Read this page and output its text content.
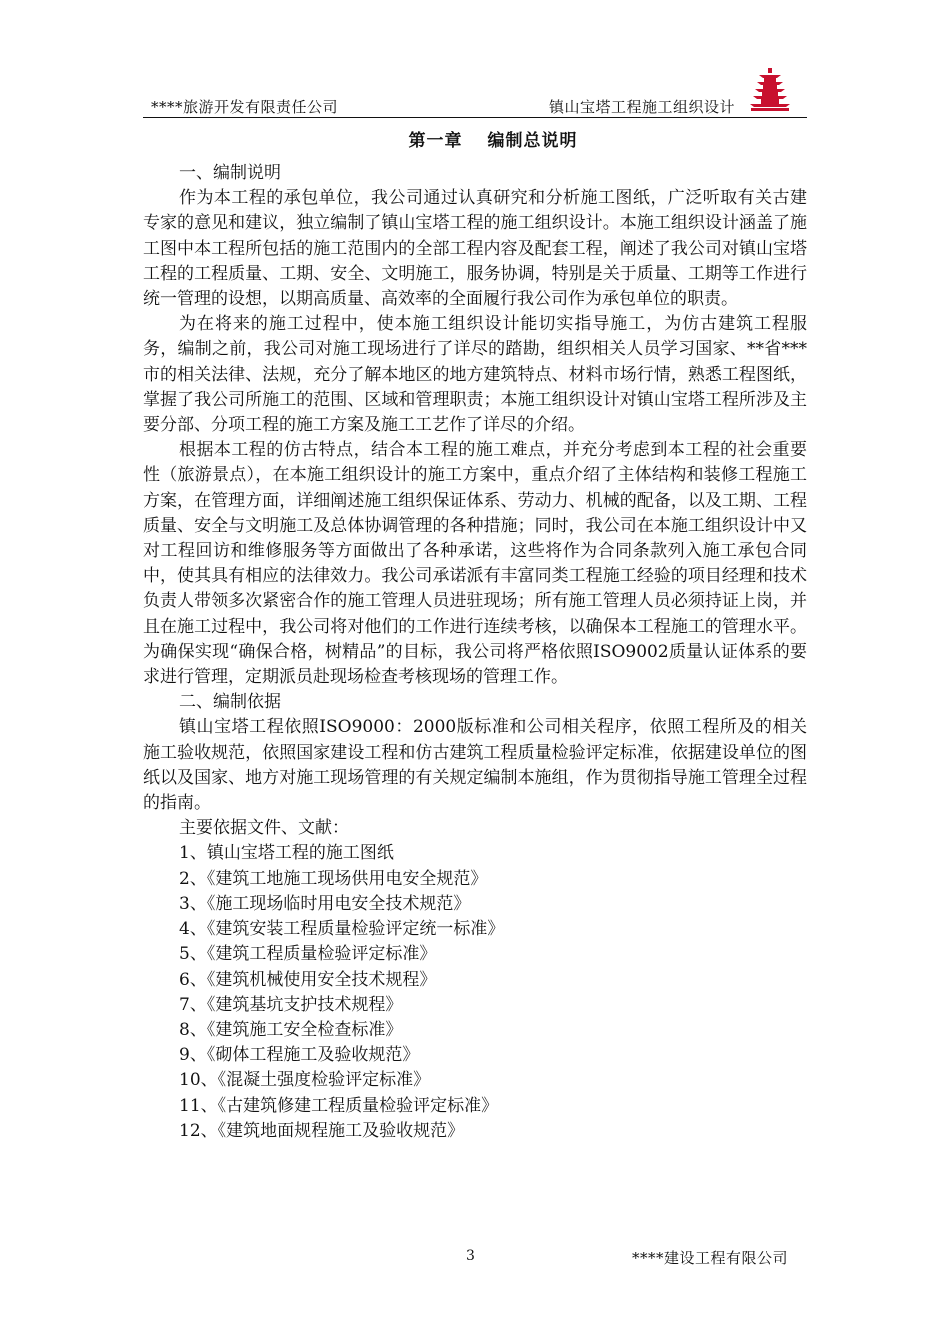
****旅游开发有限责任公司	镇山宝塔工程施工组织设计
第一章 编制总说明

一、编制说明

作为本工程的承包单位，我公司通过认真研究和分析施工图纸，广泛听取有关古建专家的意见和建议，独立编制了镇山宝塔工程的施工组织设计。本施工组织设计涵盖了施工图中本工程所包括的施工范围内的全部工程内容及配套工程，阐述了我公司对镇山宝塔工程的工程质量、工期、安全、文明施工，服务协调，特别是关于质量、工期等工作进行统一管理的设想，以期高质量、高效率的全面履行我公司作为承包单位的职责。

为在将来的施工过程中，使本施工组织设计能切实指导施工，为仿古建筑工程服务，编制之前，我公司对施工现场进行了详尽的踏勘，组织相关人员学习国家、**省***市的相关法律、法规，充分了解本地区的地方建筑特点、材料市场行情，熟悉工程图纸，掌握了我公司所施工的范围、区域和管理职责；本施工组织设计对镇山宝塔工程所涉及主要分部、分项工程的施工方案及施工工艺作了详尽的介绍。

根据本工程的仿古特点，结合本工程的施工难点，并充分考虑到本工程的社会重要性（旅游景点），在本施工组织设计的施工方案中，重点介绍了主体结构和装修工程施工方案，在管理方面，详细阐述施工组织保证体系、劳动力、机械的配备，以及工期、工程质量、安全与文明施工及总体协调管理的各种措施；同时，我公司在本施工组织设计中又对工程回访和维修服务等方面做出了各种承诺，这些将作为合同条款列入施工承包合同中，使其具有相应的法律效力。我公司承诺派有丰富同类工程施工经验的项目经理和技术负责人带领多次紧密合作的施工管理人员进驻现场；所有施工管理人员必须持证上岗，并且在施工过程中，我公司将对他们的工作进行连续考核，以确保本工程施工的管理水平。为确保实现“确保合格，树精品”的目标，我公司将严格依照ISO9002质量认证体系的要求进行管理，定期派员赴现场检查考核现场的管理工作。

二、编制依据

镇山宝塔工程依照ISO9000：2000版标准和公司相关程序，依照工程所及的相关施工验收规范，依照国家建设工程和仿古建筑工程质量检验评定标准，依据建设单位的图纸以及国家、地方对施工现场管理的有关规定编制本施组，作为贯彻指导施工管理全过程的指南。

主要依据文件、文献：

1、镇山宝塔工程的施工图纸

2、《建筑工地施工现场供用电安全规范》

3、《施工现场临时用电安全技术规范》

4、《建筑安装工程质量检验评定统一标准》

5、《建筑工程质量检验评定标准》

6、《建筑机械使用安全技术规程》

7、《建筑基坑支护技术规程》

8、《建筑施工安全检查标准》

9、《砌体工程施工及验收规范》

10、《混凝土强度检验评定标准》

11、《古建筑修建工程质量检验评定标准》

12、《建筑地面规程施工及验收规范》

3	****建设工程有限公司
